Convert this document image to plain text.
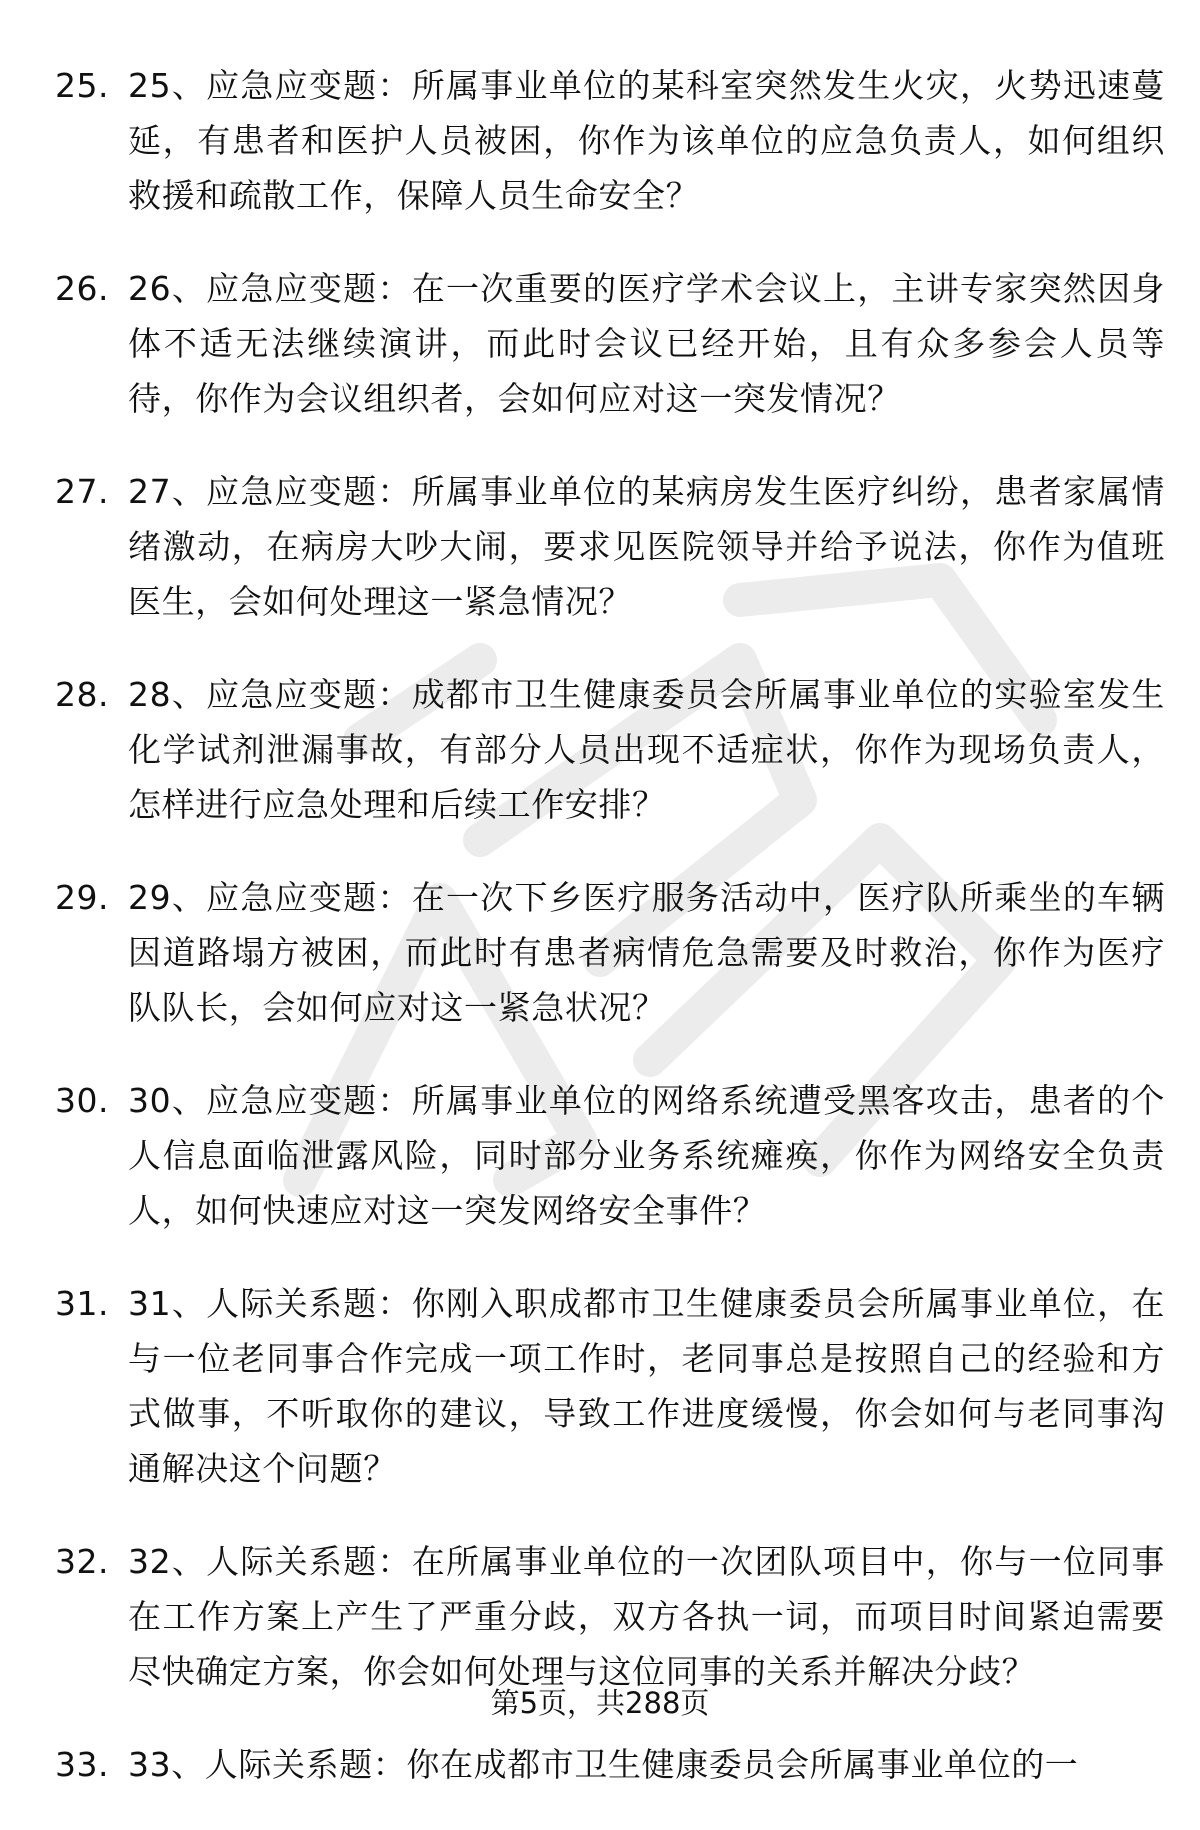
25. 25、应急应变题：所属事业单位的某科室突然发生火灾，火势迅速蔓延，有患者和医护人员被困，你作为该单位的应急负责人，如何组织救援和疏散工作，保障人员生命安全？
26. 26、应急应变题：在一次重要的医疗学术会议上，主讲专家突然因身体不适无法继续演讲，而此时会议已经开始，且有众多参会人员等待，你作为会议组织者，会如何应对这一突发情况？
27. 27、应急应变题：所属事业单位的某病房发生医疗纠纷，患者家属情绪激动，在病房大吵大闹，要求见医院领导并给予说法，你作为值班医生，会如何处理这一紧急情况？
28. 28、应急应变题：成都市卫生健康委员会所属事业单位的实验室发生化学试剂泄漏事故，有部分人员出现不适症状，你作为现场负责人，怎样进行应急处理和后续工作安排？
29. 29、应急应变题：在一次下乡医疗服务活动中，医疗队所乘坐的车辆因道路塌方被困，而此时有患者病情危急需要及时救治，你作为医疗队队长，会如何应对这一紧急状况？
30. 30、应急应变题：所属事业单位的网络系统遭受黑客攻击，患者的个人信息面临泄露风险，同时部分业务系统瘫痪，你作为网络安全负责人，如何快速应对这一突发网络安全事件？
31. 31、人际关系题：你刚入职成都市卫生健康委员会所属事业单位，在与一位老同事合作完成一项工作时，老同事总是按照自己的经验和方式做事，不听取你的建议，导致工作进度缓慢，你会如何与老同事沟通解决这个问题？
32. 32、人际关系题：在所属事业单位的一次团队项目中，你与一位同事在工作方案上产生了严重分歧，双方各执一词，而项目时间紧迫需要尽快确定方案，你会如何处理与这位同事的关系并解决分歧？
33. 33、人际关系题：你在成都市卫生健康委员会所属事业单位的一
第5页，共288页
